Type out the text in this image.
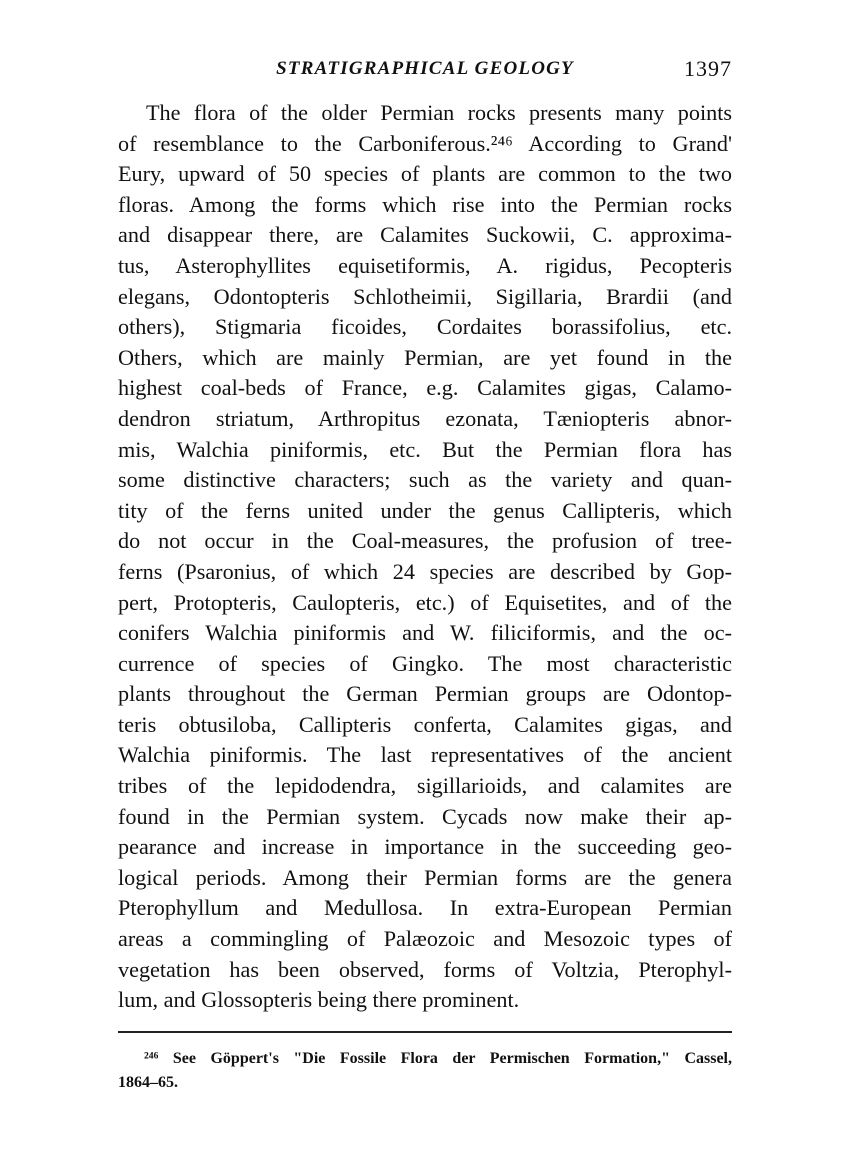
STRATIGRAPHICAL GEOLOGY	1397
The flora of the older Permian rocks presents many points
of resemblance to the Carboniferous.²⁴⁶ According to Grand'
Eury, upward of 50 species of plants are common to the two
floras. Among the forms which rise into the Permian rocks
and disappear there, are Calamites Suckowii, C. approxima-
tus, Asterophyllites equisetiformis, A. rigidus, Pecopteris
elegans, Odontopteris Schlotheimii, Sigillaria, Brardii (and
others), Stigmaria ficoides, Cordaites borassifolius, etc.
Others, which are mainly Permian, are yet found in the
highest coal-beds of France, e.g. Calamites gigas, Calamo-
dendron striatum, Arthropitus ezonata, Tæniopteris abnor-
mis, Walchia piniformis, etc. But the Permian flora has
some distinctive characters; such as the variety and quan-
tity of the ferns united under the genus Callipteris, which
do not occur in the Coal-measures, the profusion of tree-
ferns (Psaronius, of which 24 species are described by Gop-
pert, Protopteris, Caulopteris, etc.) of Equisetites, and of the
conifers Walchia piniformis and W. filiciformis, and the oc-
currence of species of Gingko. The most characteristic
plants throughout the German Permian groups are Odontop-
teris obtusiloba, Callipteris conferta, Calamites gigas, and
Walchia piniformis. The last representatives of the ancient
tribes of the lepidodendra, sigillarioids, and calamites are
found in the Permian system. Cycads now make their ap-
pearance and increase in importance in the succeeding geo-
logical periods. Among their Permian forms are the genera
Pterophyllum and Medullosa. In extra-European Permian
areas a commingling of Palæozoic and Mesozoic types of
vegetation has been observed, forms of Voltzia, Pterophyl-
lum, and Glossopteris being there prominent.
²⁴⁶ See Göppert's "Die Fossile Flora der Permischen Formation," Cassel,
1864–65.
